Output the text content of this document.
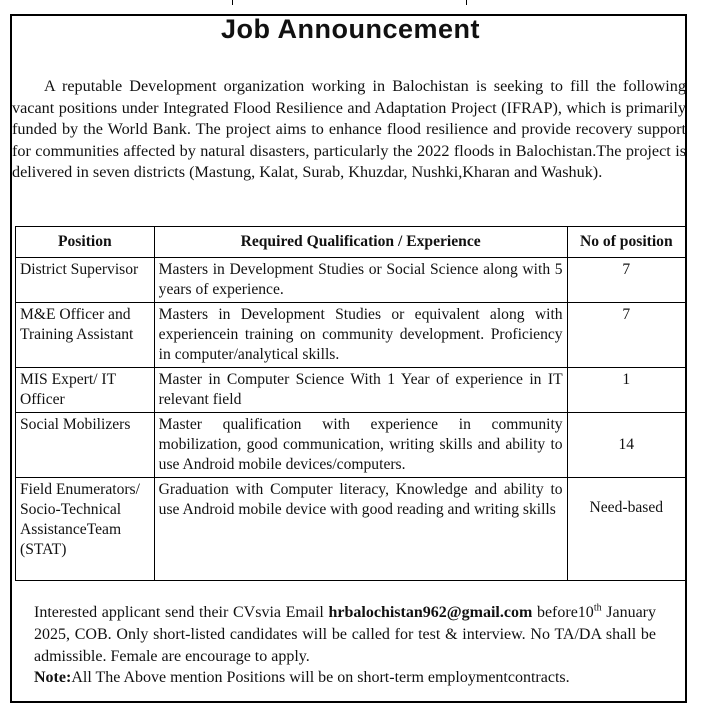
Job Announcement
A reputable Development organization working in Balochistan is seeking to fill the following vacant positions under Integrated Flood Resilience and Adaptation Project (IFRAP), which is primarily funded by the World Bank. The project aims to enhance flood resilience and provide recovery support for communities affected by natural disasters, particularly the 2022 floods in Balochistan.The project is delivered in seven districts (Mastung, Kalat, Surab, Khuzdar, Nushki,Kharan and Washuk).
Position	Required Qualification / Experience	No of position
District Supervisor	Masters in Development Studies or Social Science along with 5 years of experience.	7
M&E Officer and Training Assistant	Masters in Development Studies or equivalent along with experiencein training on community development. Proficiency in computer/analytical skills.	7
MIS Expert/ IT Officer	Master in Computer Science With 1 Year of experience in IT relevant field	1
Social Mobilizers	Master qualification with experience in community mobilization, good communication, writing skills and ability to use Android mobile devices/computers.	14
Field Enumerators/ Socio-Technical AssistanceTeam (STAT)	Graduation with Computer literacy, Knowledge and ability to use Android mobile device with good reading and writing skills	Need-based
Interested applicant send their CVsvia Email hrbalochistan962@gmail.com before10th January 2025, COB. Only short-listed candidates will be called for test & interview. No TA/DA shall be admissible. Female are encourage to apply.
Note:All The Above mention Positions will be on short-term employmentcontracts.
